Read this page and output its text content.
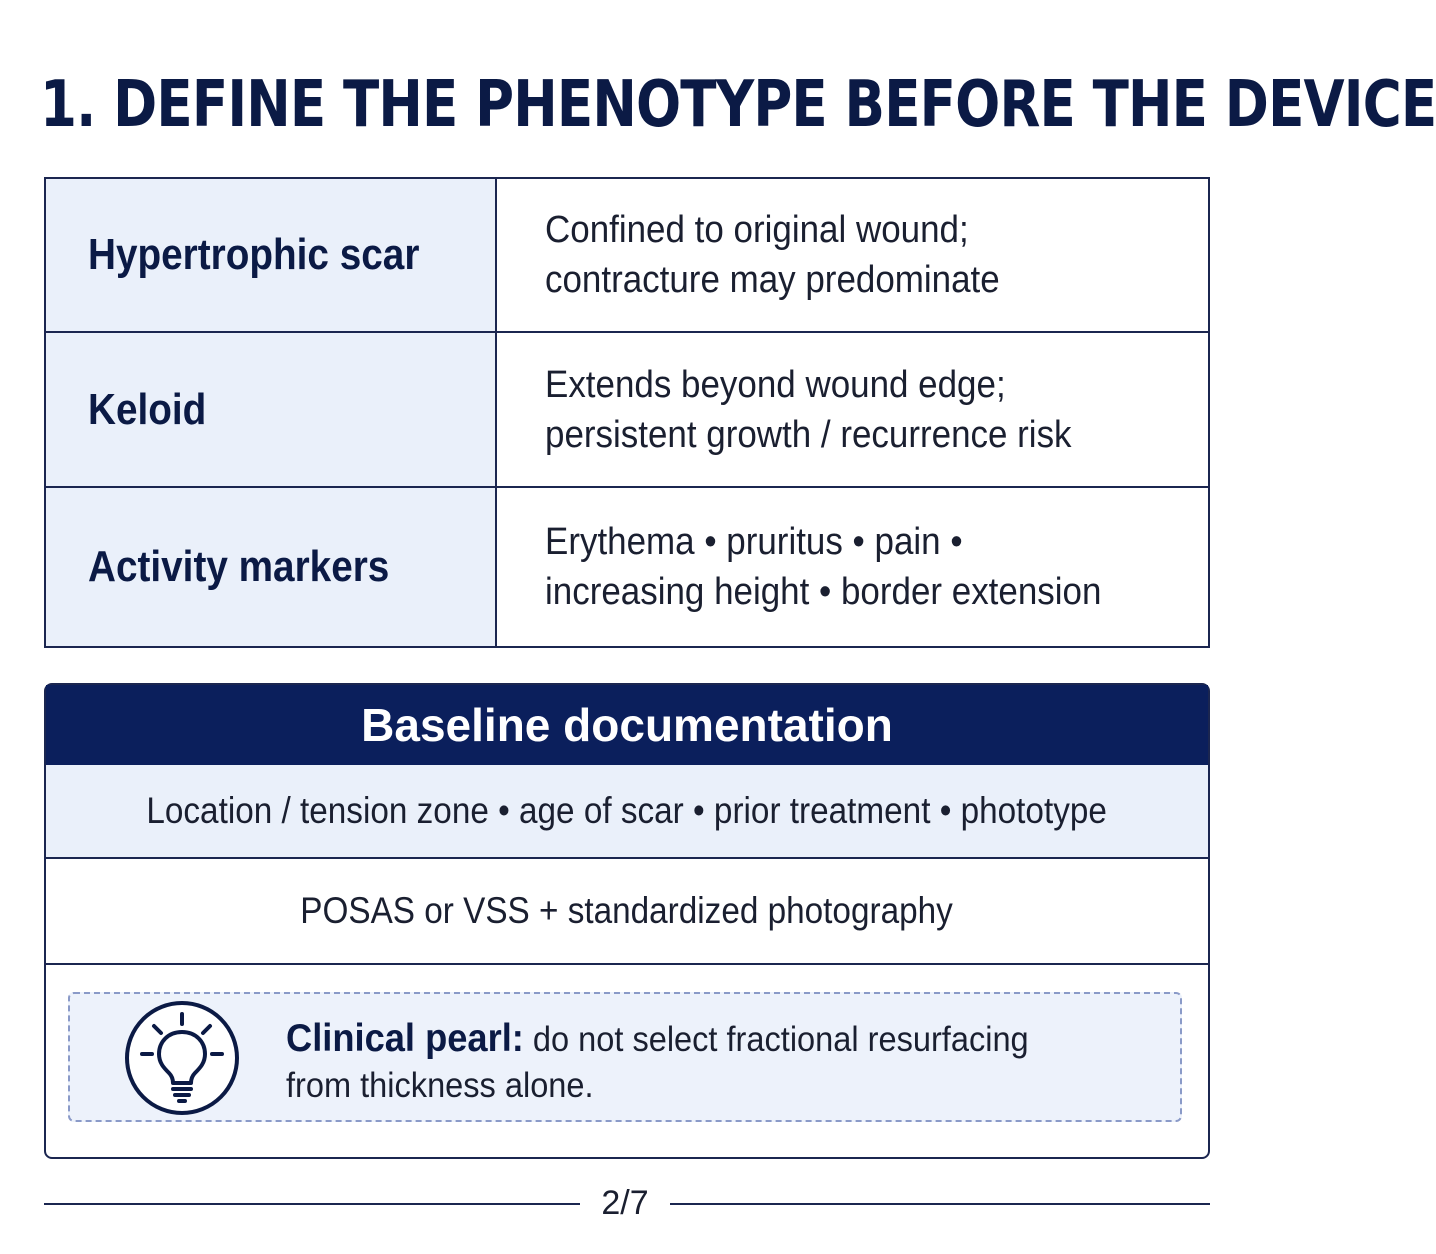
1. DEFINE THE PHENOTYPE BEFORE THE DEVICE
Hypertrophic scar	Confined to original wound;
contracture may predominate
Keloid	Extends beyond wound edge;
persistent growth / recurrence risk
Activity markers	Erythema • pruritus • pain •
increasing height • border extension
Baseline documentation
Location / tension zone • age of scar • prior treatment • phototype
POSAS or VSS + standardized photography
Clinical pearl: do not select fractional resurfacing
from thickness alone.
2/7
